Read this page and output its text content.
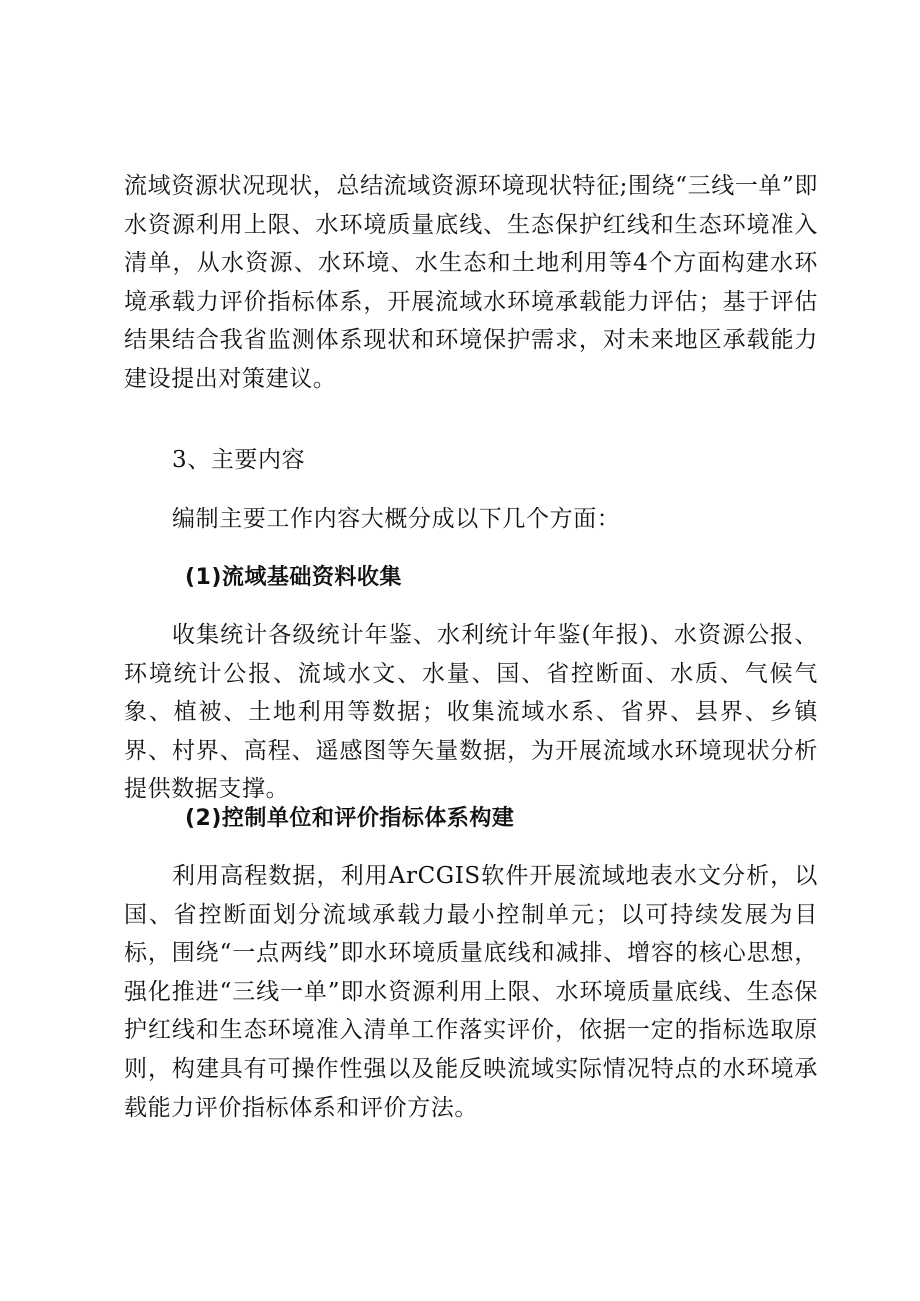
流域资源状况现状，总结流域资源环境现状特征;围绕“三线一单”即水资源利用上限、水环境质量底线、生态保护红线和生态环境准入清单，从水资源、水环境、水生态和土地利用等4个方面构建水环境承载力评价指标体系，开展流域水环境承载能力评估；基于评估结果结合我省监测体系现状和环境保护需求，对未来地区承载能力建设提出对策建议。

3、主要内容

编制主要工作内容大概分成以下几个方面：

(1)流域基础资料收集

收集统计各级统计年鉴、水利统计年鉴(年报)、水资源公报、环境统计公报、流域水文、水量、国、省控断面、水质、气候气象、植被、土地利用等数据；收集流域水系、省界、县界、乡镇界、村界、高程、遥感图等矢量数据，为开展流域水环境现状分析提供数据支撑。

(2)控制单位和评价指标体系构建

利用高程数据，利用ArCGIS软件开展流域地表水文分析，以国、省控断面划分流域承载力最小控制单元；以可持续发展为目标，围绕“一点两线”即水环境质量底线和减排、增容的核心思想，强化推进“三线一单”即水资源利用上限、水环境质量底线、生态保护红线和生态环境准入清单工作落实评价，依据一定的指标选取原则，构建具有可操作性强以及能反映流域实际情况特点的水环境承载能力评价指标体系和评价方法。
